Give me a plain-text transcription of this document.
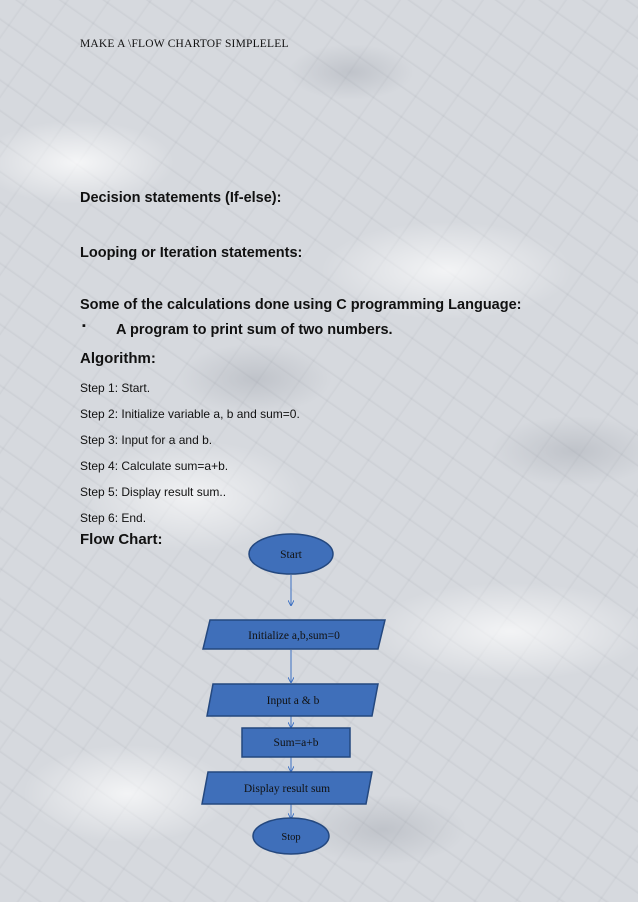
MAKE A \FLOW CHARTOF SIMPLELEL
Decision statements (If-else):
Looping or Iteration statements:
Some of the calculations done using C programming Language:
▪ A program to print sum of two numbers.
Algorithm:
Step 1: Start.
Step 2: Initialize variable a, b and sum=0.
Step 3: Input for a and b.
Step 4: Calculate sum=a+b.
Step 5: Display result sum..
Step 6: End.
Flow Chart:
Start
Initialize a,b,sum=0
Input a & b
Sum=a+b
Display result sum
Stop
